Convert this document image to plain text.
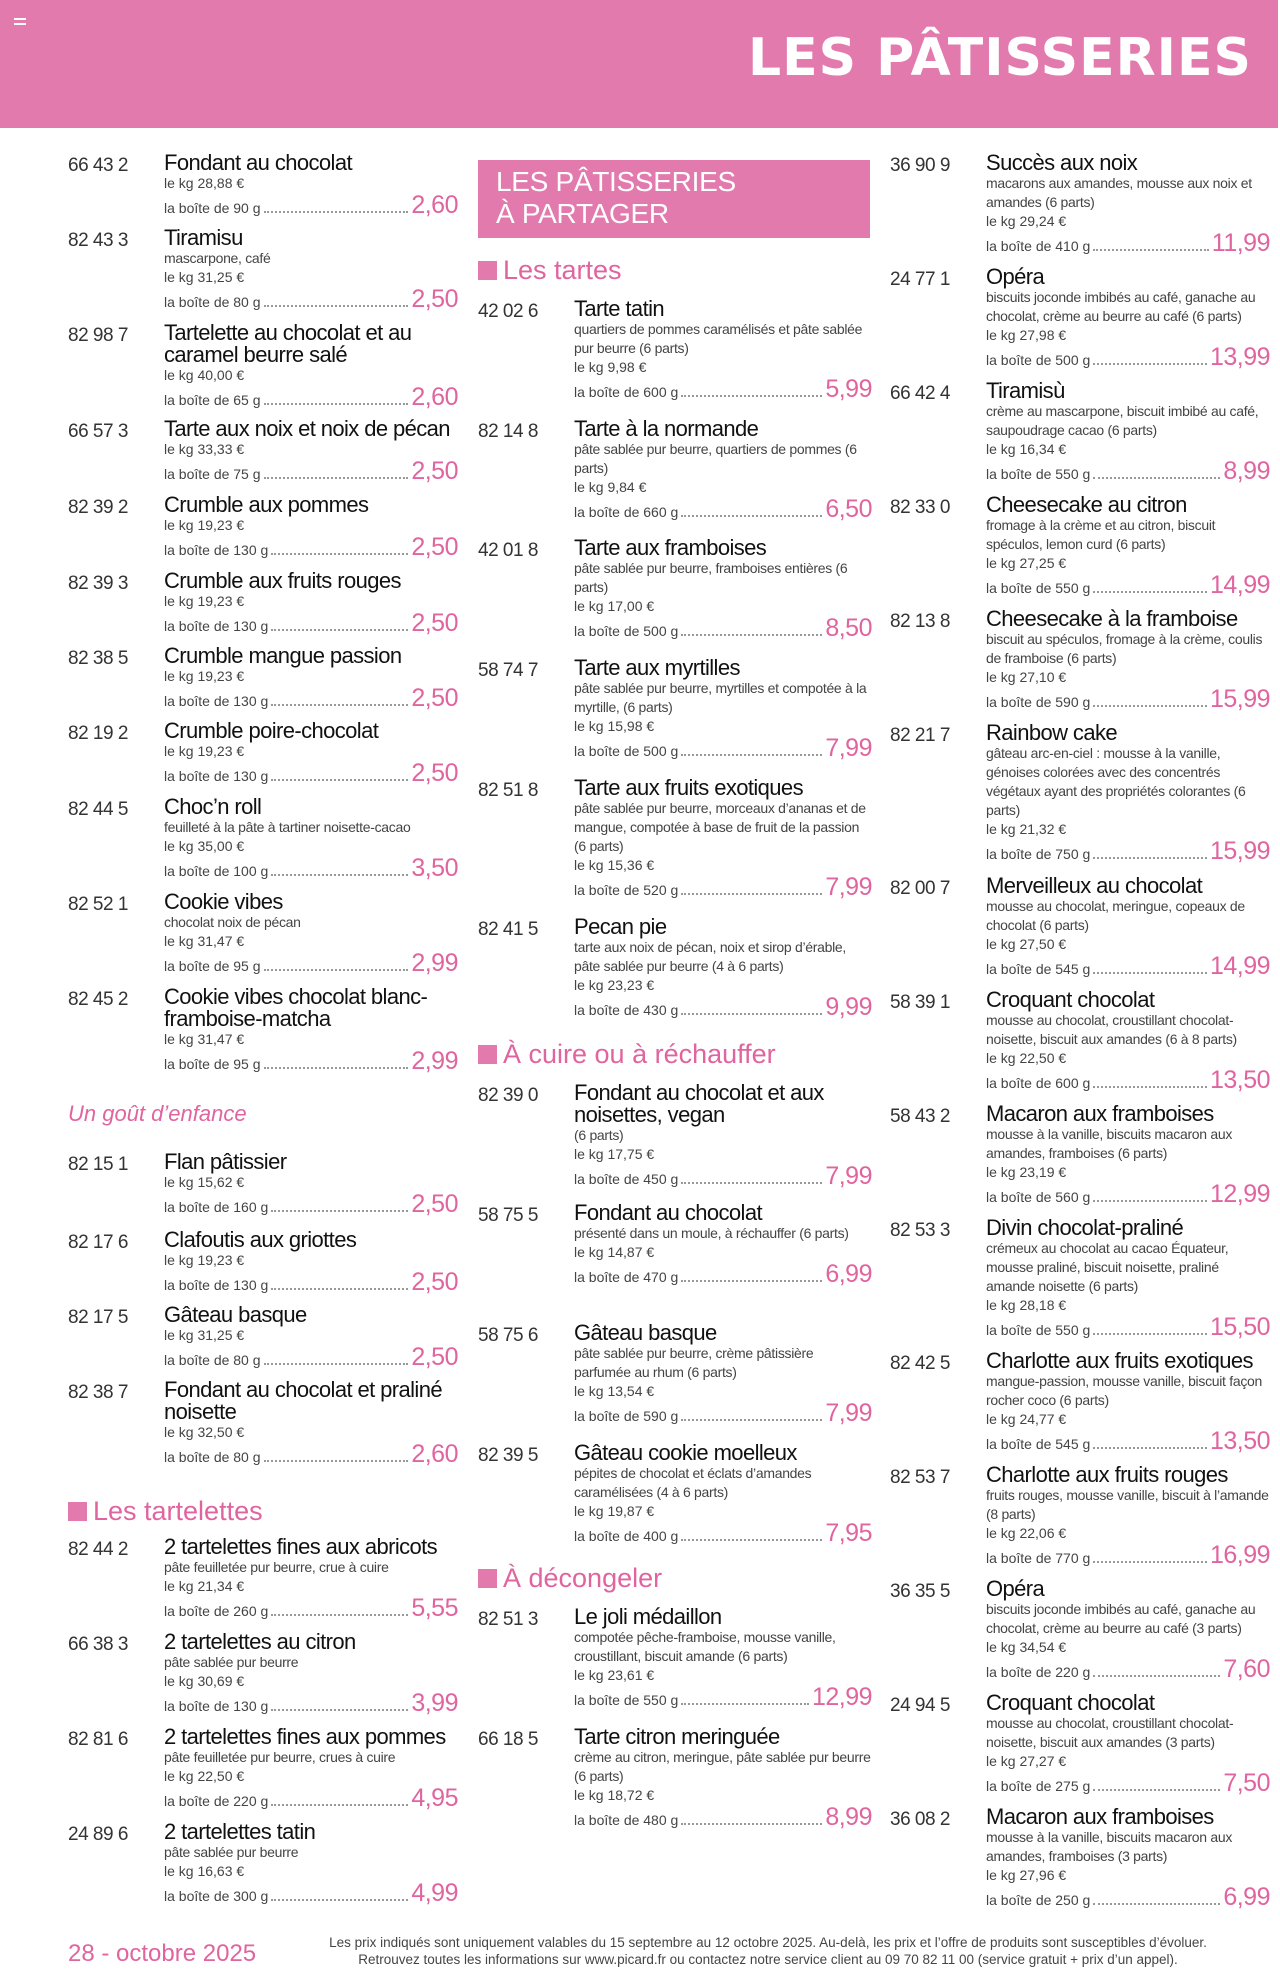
LES PÂTISSERIES
66 43 2	Fondant au chocolat
le kg 28,88 €
la boîte de 90 g	2,60
82 43 3	Tiramisu
mascarpone, café
le kg 31,25 €
la boîte de 80 g	2,50
82 98 7	Tartelette au chocolat et au caramel beurre salé
le kg 40,00 €
la boîte de 65 g	2,60
66 57 3	Tarte aux noix et noix de pécan
le kg 33,33 €
la boîte de 75 g	2,50
82 39 2	Crumble aux pommes
le kg 19,23 €
la boîte de 130 g	2,50
82 39 3	Crumble aux fruits rouges
le kg 19,23 €
la boîte de 130 g	2,50
82 38 5	Crumble mangue passion
le kg 19,23 €
la boîte de 130 g	2,50
82 19 2	Crumble poire-chocolat
le kg 19,23 €
la boîte de 130 g	2,50
82 44 5	Choc’n roll
feuilleté à la pâte à tartiner noisette-cacao
le kg 35,00 €
la boîte de 100 g	3,50
82 52 1	Cookie vibes
chocolat noix de pécan
le kg 31,47 €
la boîte de 95 g	2,99
82 45 2	Cookie vibes chocolat blanc-framboise-matcha
le kg 31,47 €
la boîte de 95 g	2,99
Un goût d’enfance
82 15 1	Flan pâtissier
le kg 15,62 €
la boîte de 160 g	2,50
82 17 6	Clafoutis aux griottes
le kg 19,23 €
la boîte de 130 g	2,50
82 17 5	Gâteau basque
le kg 31,25 €
la boîte de 80 g	2,50
82 38 7	Fondant au chocolat et praliné noisette
le kg 32,50 €
la boîte de 80 g	2,60
Les tartelettes
82 44 2	2 tartelettes fines aux abricots
pâte feuilletée pur beurre, crue à cuire
le kg 21,34 €
la boîte de 260 g	5,55
66 38 3	2 tartelettes au citron
pâte sablée pur beurre
le kg 30,69 €
la boîte de 130 g	3,99
82 81 6	2 tartelettes fines aux pommes
pâte feuilletée pur beurre, crues à cuire
le kg 22,50 €
la boîte de 220 g	4,95
24 89 6	2 tartelettes tatin
pâte sablée pur beurre
le kg 16,63 €
la boîte de 300 g	4,99
LES PÂTISSERIES
À PARTAGER
Les tartes
42 02 6	Tarte tatin
quartiers de pommes caramélisés et pâte sablée pur beurre (6 parts)
le kg 9,98 €
la boîte de 600 g	5,99
82 14 8	Tarte à la normande
pâte sablée pur beurre, quartiers de pommes (6 parts)
le kg 9,84 €
la boîte de 660 g	6,50
42 01 8	Tarte aux framboises
pâte sablée pur beurre, framboises entières (6 parts)
le kg 17,00 €
la boîte de 500 g	8,50
58 74 7	Tarte aux myrtilles
pâte sablée pur beurre, myrtilles et compotée à la myrtille, (6 parts)
le kg 15,98 €
la boîte de 500 g	7,99
82 51 8	Tarte aux fruits exotiques
pâte sablée pur beurre, morceaux d’ananas et de mangue, compotée à base de fruit de la passion (6 parts)
le kg 15,36 €
la boîte de 520 g	7,99
82 41 5	Pecan pie
tarte aux noix de pécan, noix et sirop d’érable, pâte sablée pur beurre (4 à 6 parts)
le kg 23,23 €
la boîte de 430 g	9,99
À cuire ou à réchauffer
82 39 0	Fondant au chocolat et aux noisettes, vegan
(6 parts)
le kg 17,75 €
la boîte de 450 g	7,99
58 75 5	Fondant au chocolat
présenté dans un moule, à réchauffer (6 parts)
le kg 14,87 €
la boîte de 470 g	6,99
58 75 6	Gâteau basque
pâte sablée pur beurre, crème pâtissière parfumée au rhum (6 parts)
le kg 13,54 €
la boîte de 590 g	7,99
82 39 5	Gâteau cookie moelleux
pépites de chocolat et éclats d’amandes caramélisées (4 à 6 parts)
le kg 19,87 €
la boîte de 400 g	7,95
À décongeler
82 51 3	Le joli médaillon
compotée pêche-framboise, mousse vanille, croustillant, biscuit amande (6 parts)
le kg 23,61 €
la boîte de 550 g	12,99
66 18 5	Tarte citron meringuée
crème au citron, meringue, pâte sablée pur beurre (6 parts)
le kg 18,72 €
la boîte de 480 g	8,99
36 90 9	Succès aux noix
macarons aux amandes, mousse aux noix et amandes (6 parts)
le kg 29,24 €
la boîte de 410 g	11,99
24 77 1	Opéra
biscuits joconde imbibés au café, ganache au chocolat, crème au beurre au café (6 parts)
le kg 27,98 €
la boîte de 500 g	13,99
66 42 4	Tiramisù
crème au mascarpone, biscuit imbibé au café, saupoudrage cacao (6 parts)
le kg 16,34 €
la boîte de 550 g	8,99
82 33 0	Cheesecake au citron
fromage à la crème et au citron, biscuit spéculos, lemon curd (6 parts)
le kg 27,25 €
la boîte de 550 g	14,99
82 13 8	Cheesecake à la framboise
biscuit au spéculos, fromage à la crème, coulis de framboise (6 parts)
le kg 27,10 €
la boîte de 590 g	15,99
82 21 7	Rainbow cake
gâteau arc-en-ciel : mousse à la vanille, génoises colorées avec des concentrés végétaux ayant des propriétés colorantes (6 parts)
le kg 21,32 €
la boîte de 750 g	15,99
82 00 7	Merveilleux au chocolat
mousse au chocolat, meringue, copeaux de chocolat (6 parts)
le kg 27,50 €
la boîte de 545 g	14,99
58 39 1	Croquant chocolat
mousse au chocolat, croustillant chocolat-noisette, biscuit aux amandes (6 à 8 parts)
le kg 22,50 €
la boîte de 600 g	13,50
58 43 2	Macaron aux framboises
mousse à la vanille, biscuits macaron aux amandes, framboises (6 parts)
le kg 23,19 €
la boîte de 560 g	12,99
82 53 3	Divin chocolat-praliné
crémeux au chocolat au cacao Équateur, mousse praliné, biscuit noisette, praliné amande noisette (6 parts)
le kg 28,18 €
la boîte de 550 g	15,50
82 42 5	Charlotte aux fruits exotiques
mangue-passion, mousse vanille, biscuit façon rocher coco (6 parts)
le kg 24,77 €
la boîte de 545 g	13,50
82 53 7	Charlotte aux fruits rouges
fruits rouges, mousse vanille, biscuit à l’amande (8 parts)
le kg 22,06 €
la boîte de 770 g	16,99
36 35 5	Opéra
biscuits joconde imbibés au café, ganache au chocolat, crème au beurre au café (3 parts)
le kg 34,54 €
la boîte de 220 g	7,60
24 94 5	Croquant chocolat
mousse au chocolat, croustillant chocolat-noisette, biscuit aux amandes (3 parts)
le kg 27,27 €
la boîte de 275 g	7,50
36 08 2	Macaron aux framboises
mousse à la vanille, biscuits macaron aux amandes, framboises (3 parts)
le kg 27,96 €
la boîte de 250 g	6,99
28 - octobre 2025	Les prix indiqués sont uniquement valables du 15 septembre au 12 octobre 2025. Au-delà, les prix et l’offre de produits sont susceptibles d’évoluer.
Retrouvez toutes les informations sur www.picard.fr ou contactez notre service client au 09 70 82 11 00 (service gratuit + prix d’un appel).
